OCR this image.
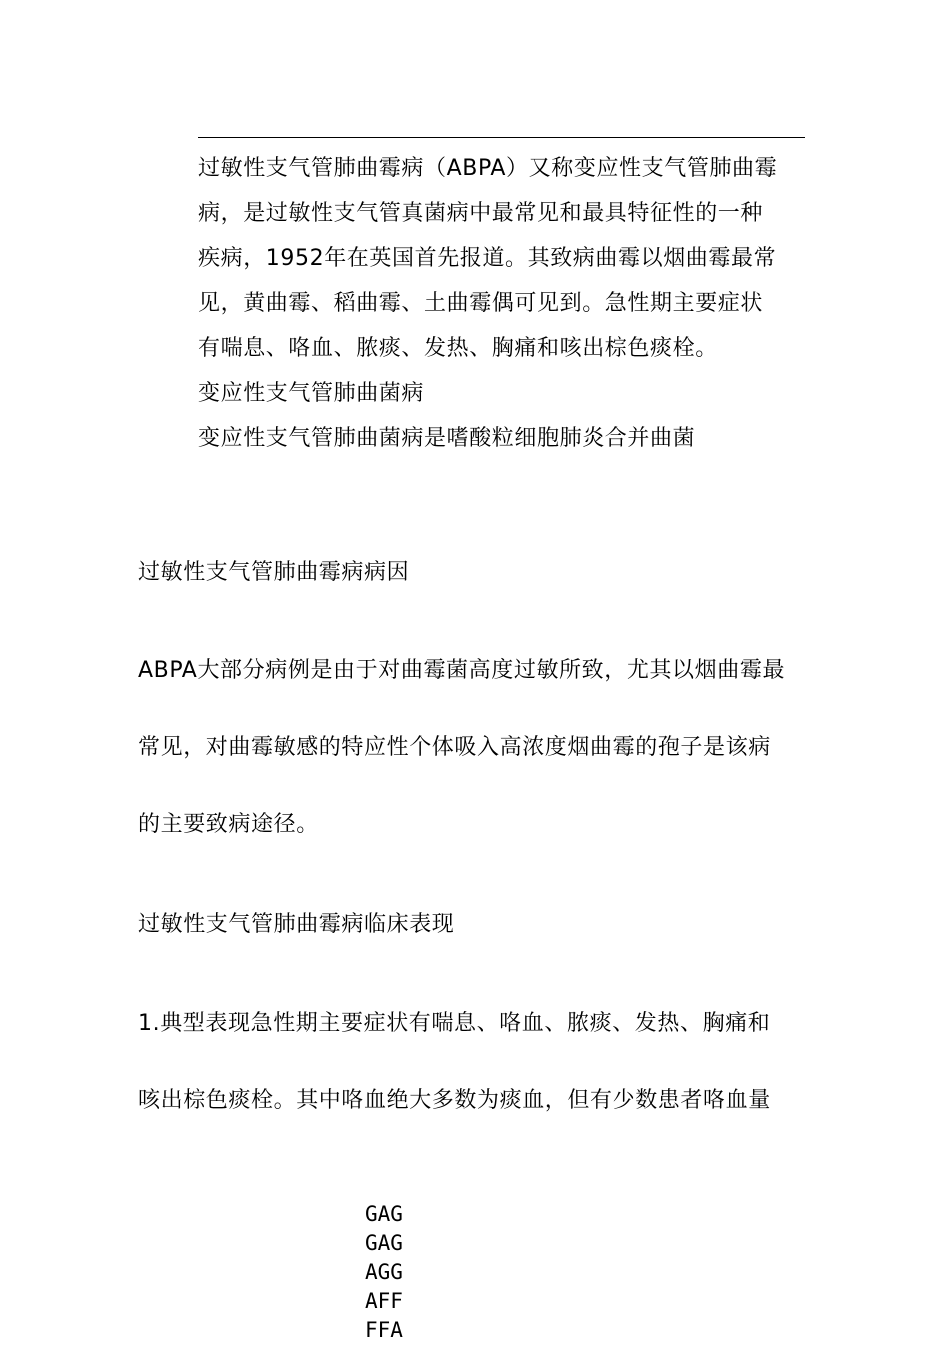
过敏性支气管肺曲霉病（ABPA）又称变应性支气管肺曲霉

病，是过敏性支气管真菌病中最常见和最具特征性的一种

疾病，1952年在英国首先报道。其致病曲霉以烟曲霉最常

见，黄曲霉、稻曲霉、土曲霉偶可见到。急性期主要症状

有喘息、咯血、脓痰、发热、胸痛和咳出棕色痰栓。

变应性支气管肺曲菌病

变应性支气管肺曲菌病是嗜酸粒细胞肺炎合并曲菌

过敏性支气管肺曲霉病病因

ABPA大部分病例是由于对曲霉菌高度过敏所致，尤其以烟曲霉最

常见，对曲霉敏感的特应性个体吸入高浓度烟曲霉的孢子是该病

的主要致病途径。

过敏性支气管肺曲霉病临床表现

1.典型表现急性期主要症状有喘息、咯血、脓痰、发热、胸痛和

咳出棕色痰栓。其中咯血绝大多数为痰血，但有少数患者咯血量

GAG
GAG
AGG
AFF
FFA
